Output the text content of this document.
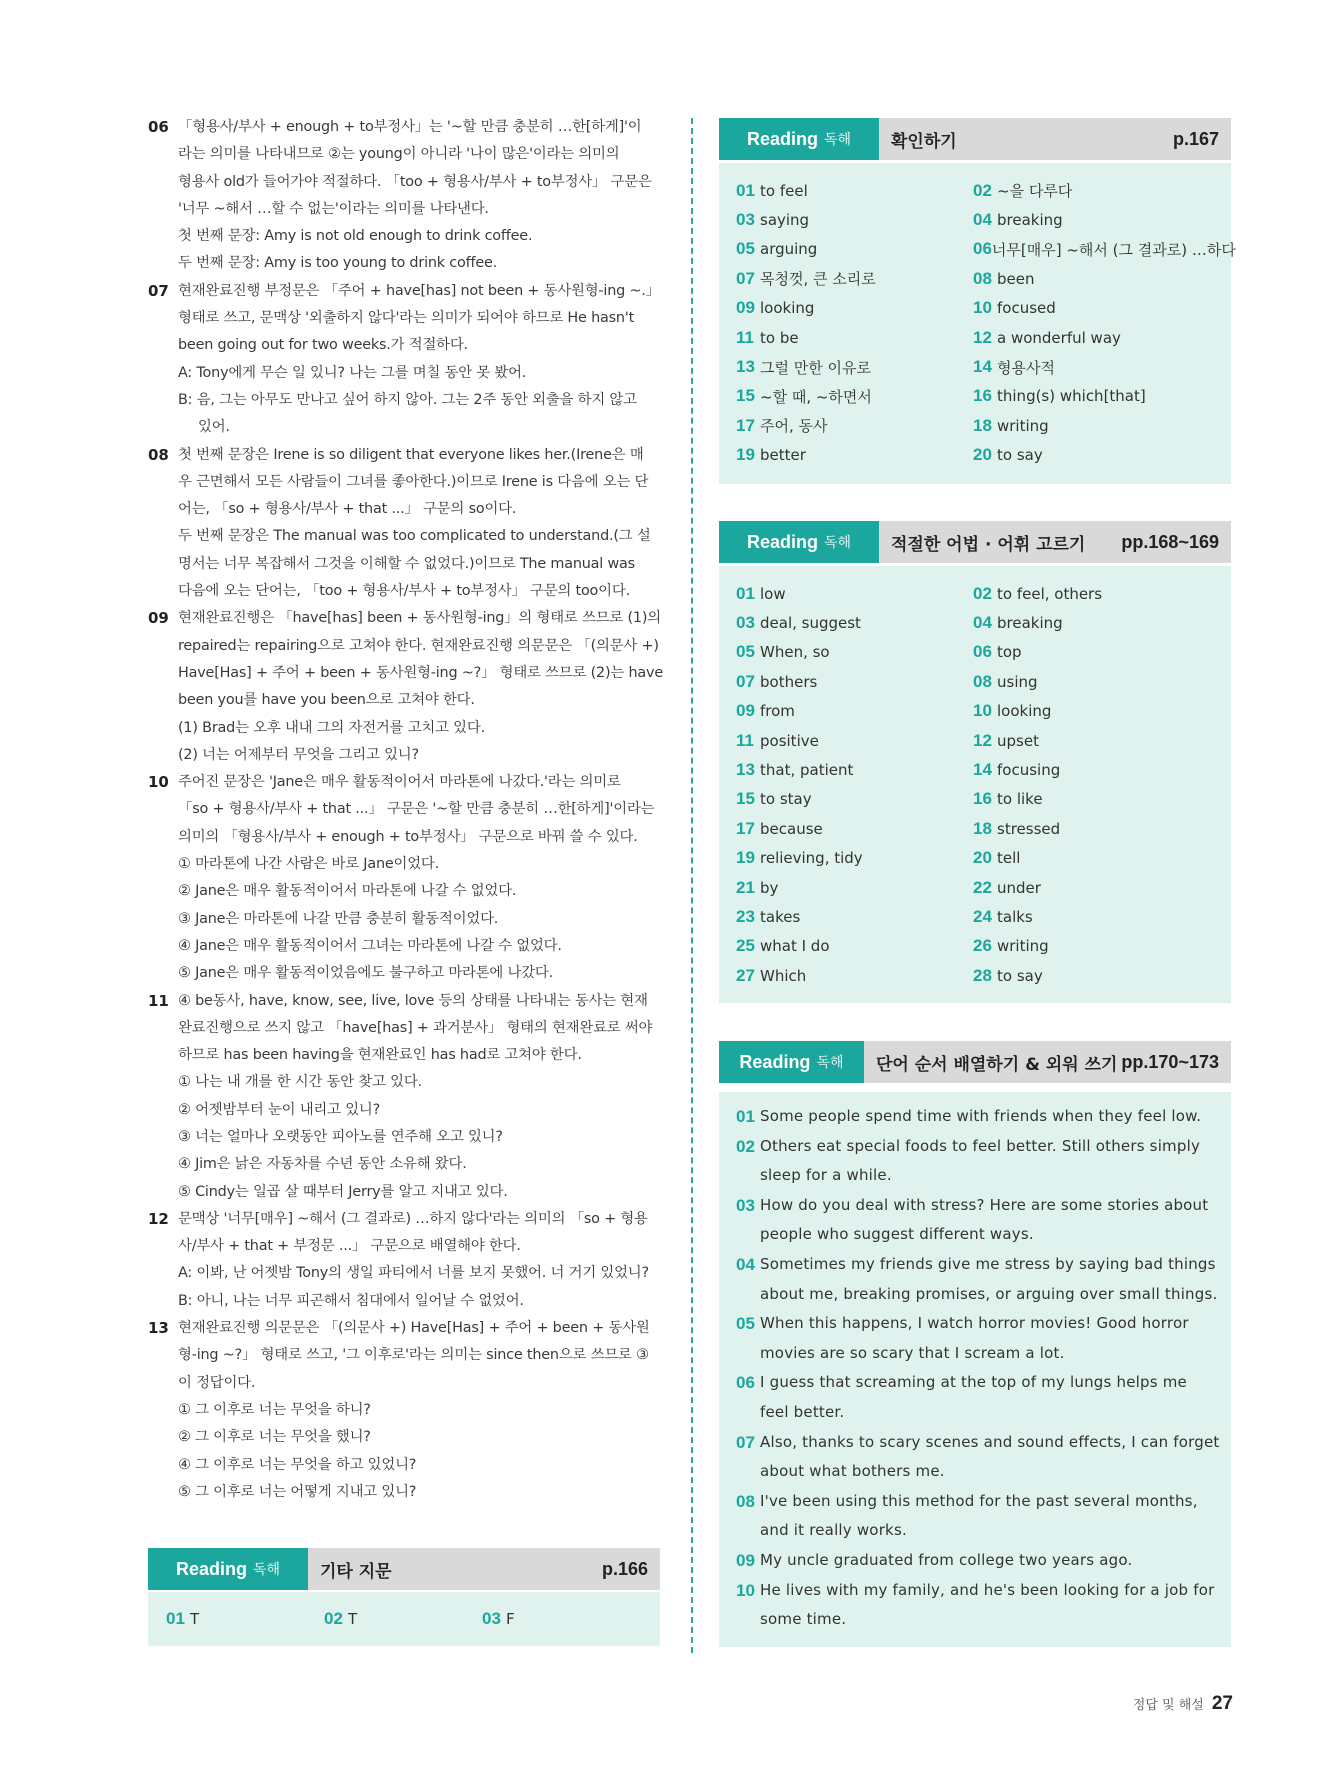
06 「형용사/부사 + enough + to부정사」는 '~할 만큼 충분히 …한[하게]'이
라는 의미를 나타내므로 ②는 young이 아니라 '나이 많은'이라는 의미의
형용사 old가 들어가야 적절하다. 「too + 형용사/부사 + to부정사」 구문은
'너무 ~해서 …할 수 없는'이라는 의미를 나타낸다.
첫 번째 문장: Amy is not old enough to drink coffee.
두 번째 문장: Amy is too young to drink coffee.
07 현재완료진행 부정문은 「주어 + have[has] not been + 동사원형-ing ~.」
형태로 쓰고, 문맥상 '외출하지 않다'라는 의미가 되어야 하므로 He hasn't
been going out for two weeks.가 적절하다.
A: Tony에게 무슨 일 있니? 나는 그를 며칠 동안 못 봤어.
B: 음, 그는 아무도 만나고 싶어 하지 않아. 그는 2주 동안 외출을 하지 않고
있어.
08 첫 번째 문장은 Irene is so diligent that everyone likes her.(Irene은 매
우 근면해서 모든 사람들이 그녀를 좋아한다.)이므로 Irene is 다음에 오는 단
어는, 「so + 형용사/부사 + that ...」 구문의 so이다.
두 번째 문장은 The manual was too complicated to understand.(그 설
명서는 너무 복잡해서 그것을 이해할 수 없었다.)이므로 The manual was
다음에 오는 단어는, 「too + 형용사/부사 + to부정사」 구문의 too이다.
09 현재완료진행은 「have[has] been + 동사원형-ing」의 형태로 쓰므로 (1)의
repaired는 repairing으로 고쳐야 한다. 현재완료진행 의문문은 「(의문사 +)
Have[Has] + 주어 + been + 동사원형-ing ~?」 형태로 쓰므로 (2)는 have
been you를 have you been으로 고쳐야 한다.
(1) Brad는 오후 내내 그의 자전거를 고치고 있다.
(2) 너는 어제부터 무엇을 그리고 있니?
10 주어진 문장은 'Jane은 매우 활동적이어서 마라톤에 나갔다.'라는 의미로
「so + 형용사/부사 + that ...」 구문은 '~할 만큼 충분히 …한[하게]'이라는
의미의 「형용사/부사 + enough + to부정사」 구문으로 바꿔 쓸 수 있다.
① 마라톤에 나간 사람은 바로 Jane이었다.
② Jane은 매우 활동적이어서 마라톤에 나갈 수 없었다.
③ Jane은 마라톤에 나갈 만큼 충분히 활동적이었다.
④ Jane은 매우 활동적이어서 그녀는 마라톤에 나갈 수 없었다.
⑤ Jane은 매우 활동적이었음에도 불구하고 마라톤에 나갔다.
11 ④ be동사, have, know, see, live, love 등의 상태를 나타내는 동사는 현재
완료진행으로 쓰지 않고 「have[has] + 과거분사」 형태의 현재완료로 써야
하므로 has been having을 현재완료인 has had로 고쳐야 한다.
① 나는 내 개를 한 시간 동안 찾고 있다.
② 어젯밤부터 눈이 내리고 있니?
③ 너는 얼마나 오랫동안 피아노를 연주해 오고 있니?
④ Jim은 낡은 자동차를 수년 동안 소유해 왔다.
⑤ Cindy는 일곱 살 때부터 Jerry를 알고 지내고 있다.
12 문맥상 '너무[매우] ~해서 (그 결과로) …하지 않다'라는 의미의 「so + 형용
사/부사 + that + 부정문 ...」 구문으로 배열해야 한다.
A: 이봐, 난 어젯밤 Tony의 생일 파티에서 너를 보지 못했어. 너 거기 있었니?
B: 아니, 나는 너무 피곤해서 침대에서 일어날 수 없었어.
13 현재완료진행 의문문은 「(의문사 +) Have[Has] + 주어 + been + 동사원
형-ing ~?」 형태로 쓰고, '그 이후로'라는 의미는 since then으로 쓰므로 ③
이 정답이다.
① 그 이후로 너는 무엇을 하니?
② 그 이후로 너는 무엇을 했니?
④ 그 이후로 너는 무엇을 하고 있었니?
⑤ 그 이후로 너는 어떻게 지내고 있니?
Reading 독해	기타 지문	p.166
01 T	02 T	03 F
Reading 독해	확인하기	p.167
01 to feel	02 ~을 다루다
03 saying	04 breaking
05 arguing	06 너무[매우] ~해서 (그 결과로) …하다
07 목청껏, 큰 소리로	08 been
09 looking	10 focused
11 to be	12 a wonderful way
13 그럴 만한 이유로	14 형용사적
15 ~할 때, ~하면서	16 thing(s) which[that]
17 주어, 동사	18 writing
19 better	20 to say
Reading 독해	적절한 어법 · 어휘 고르기	pp.168~169
01 low	02 to feel, others
03 deal, suggest	04 breaking
05 When, so	06 top
07 bothers	08 using
09 from	10 looking
11 positive	12 upset
13 that, patient	14 focusing
15 to stay	16 to like
17 because	18 stressed
19 relieving, tidy	20 tell
21 by	22 under
23 takes	24 talks
25 what I do	26 writing
27 Which	28 to say
Reading 독해	단어 순서 배열하기 & 외워 쓰기 pp.170~173
01 Some people spend time with friends when they feel low.
02 Others eat special foods to feel better. Still others simply
sleep for a while.
03 How do you deal with stress? Here are some stories about
people who suggest different ways.
04 Sometimes my friends give me stress by saying bad things
about me, breaking promises, or arguing over small things.
05 When this happens, I watch horror movies! Good horror
movies are so scary that I scream a lot.
06 I guess that screaming at the top of my lungs helps me
feel better.
07 Also, thanks to scary scenes and sound effects, I can forget
about what bothers me.
08 I've been using this method for the past several months,
and it really works.
09 My uncle graduated from college two years ago.
10 He lives with my family, and he's been looking for a job for
some time.
정답 및 해설 27
